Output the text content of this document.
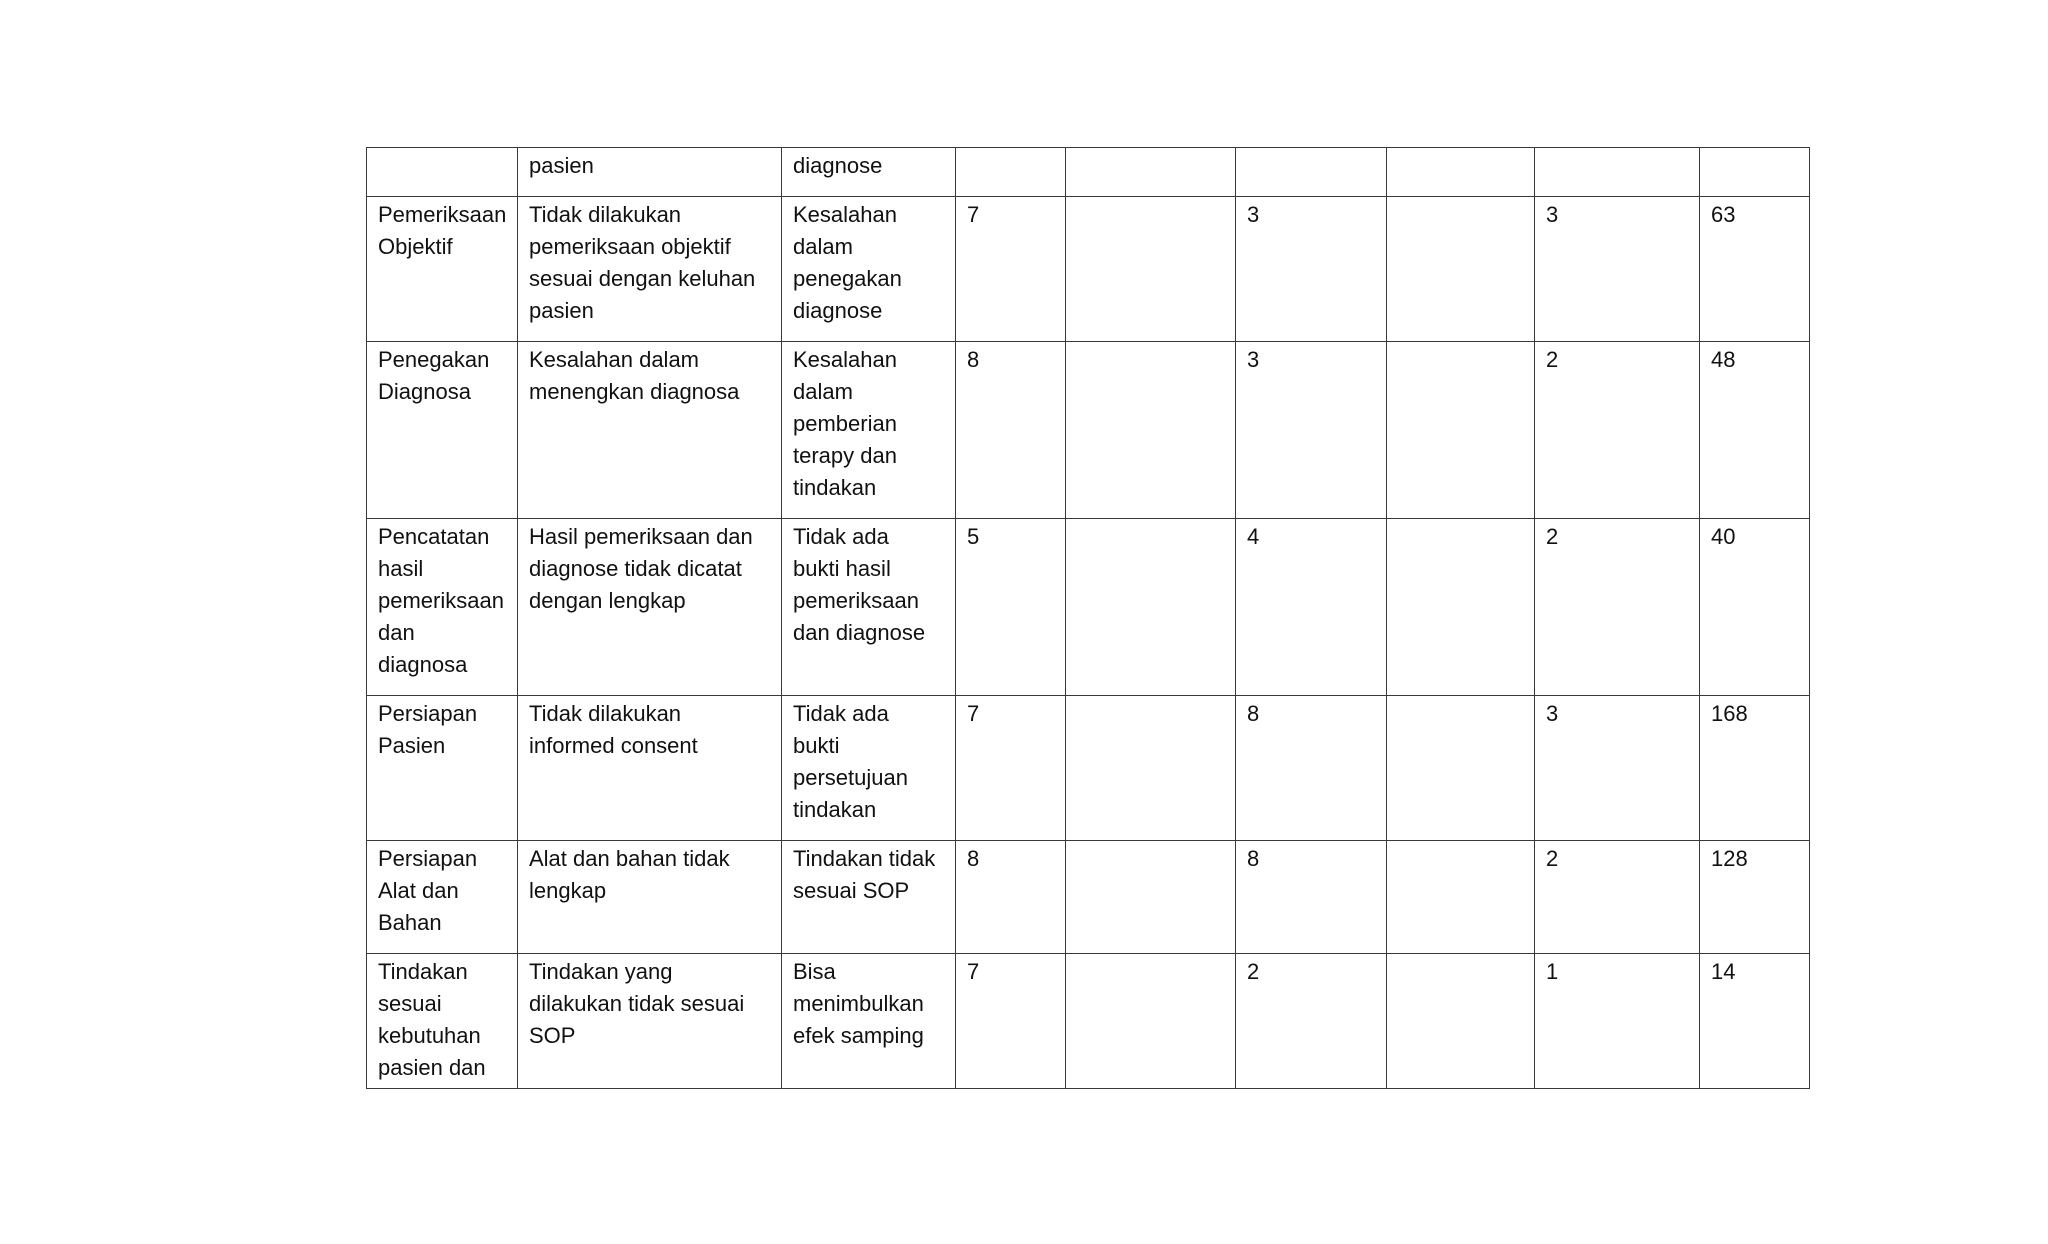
	pasien	diagnose						

Pemeriksaan
Objektif	Tidak dilakukan
pemeriksaan objektif
sesuai dengan keluhan
pasien	Kesalahan
dalam
penegakan
diagnose	7		3		3	63

Penegakan
Diagnosa	Kesalahan dalam
menengkan diagnosa	Kesalahan
dalam
pemberian
terapy dan
tindakan	8		3		2	48

Pencatatan
hasil
pemeriksaan
dan
diagnosa	Hasil pemeriksaan dan
diagnose tidak dicatat
dengan lengkap	Tidak ada
bukti hasil
pemeriksaan
dan diagnose	5		4		2	40

Persiapan
Pasien	Tidak dilakukan
informed consent	Tidak ada
bukti
persetujuan
tindakan	7		8		3	168

Persiapan
Alat dan
Bahan	Alat dan bahan tidak
lengkap	Tindakan tidak
sesuai SOP	8		8		2	128

Tindakan
sesuai
kebutuhan
pasien dan	Tindakan yang
dilakukan tidak sesuai
SOP	Bisa
menimbulkan
efek samping	7		2		1	14
